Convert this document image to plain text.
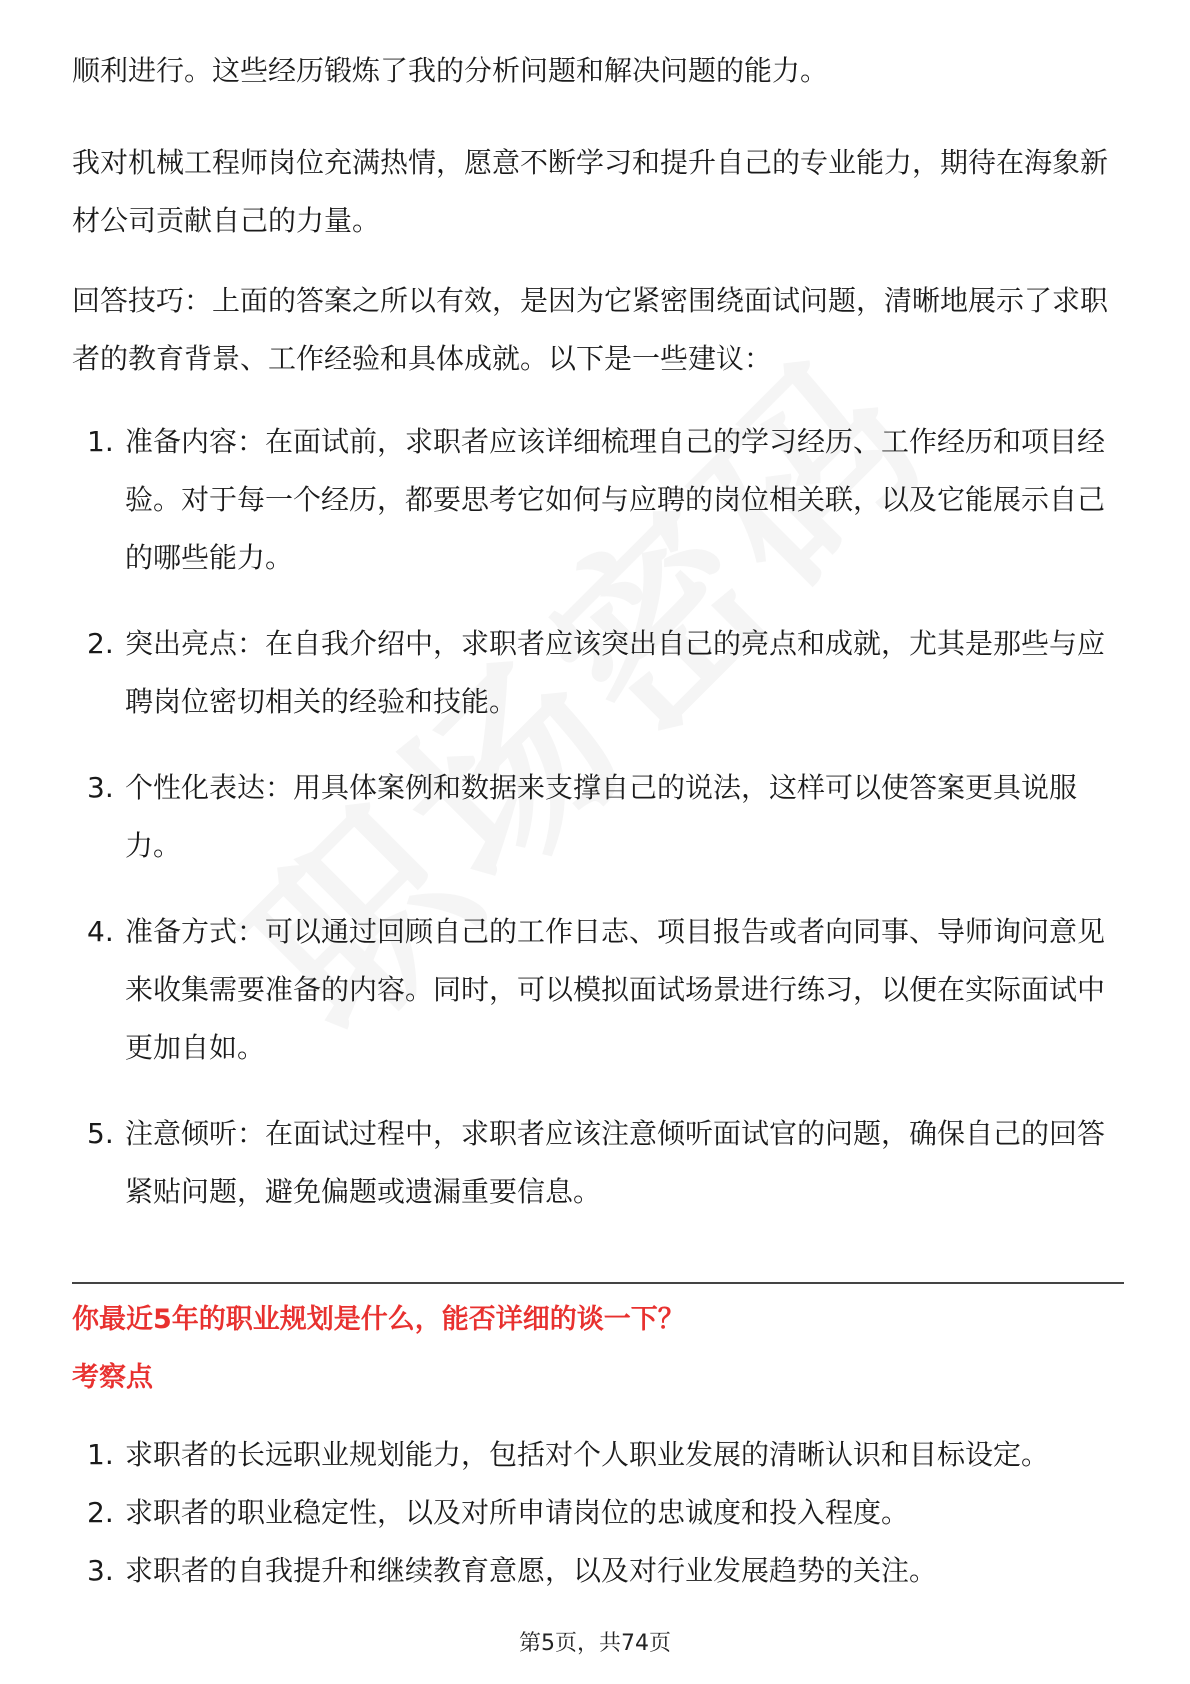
顺利进行。这些经历锻炼了我的分析问题和解决问题的能力。

我对机械工程师岗位充满热情，愿意不断学习和提升自己的专业能力，期待在海象新材公司贡献自己的力量。

回答技巧：上面的答案之所以有效，是因为它紧密围绕面试问题，清晰地展示了求职者的教育背景、工作经验和具体成就。以下是一些建议：

1. 准备内容：在面试前，求职者应该详细梳理自己的学习经历、工作经历和项目经验。对于每一个经历，都要思考它如何与应聘的岗位相关联，以及它能展示自己的哪些能力。
2. 突出亮点：在自我介绍中，求职者应该突出自己的亮点和成就，尤其是那些与应聘岗位密切相关的经验和技能。
3. 个性化表达：用具体案例和数据来支撑自己的说法，这样可以使答案更具说服力。
4. 准备方式：可以通过回顾自己的工作日志、项目报告或者向同事、导师询问意见来收集需要准备的内容。同时，可以模拟面试场景进行练习，以便在实际面试中更加自如。
5. 注意倾听：在面试过程中，求职者应该注意倾听面试官的问题，确保自己的回答紧贴问题，避免偏题或遗漏重要信息。
你最近5年的职业规划是什么，能否详细的谈一下？
考察点
1. 求职者的长远职业规划能力，包括对个人职业发展的清晰认识和目标设定。
2. 求职者的职业稳定性，以及对所申请岗位的忠诚度和投入程度。
3. 求职者的自我提升和继续教育意愿，以及对行业发展趋势的关注。
第5页，共74页
